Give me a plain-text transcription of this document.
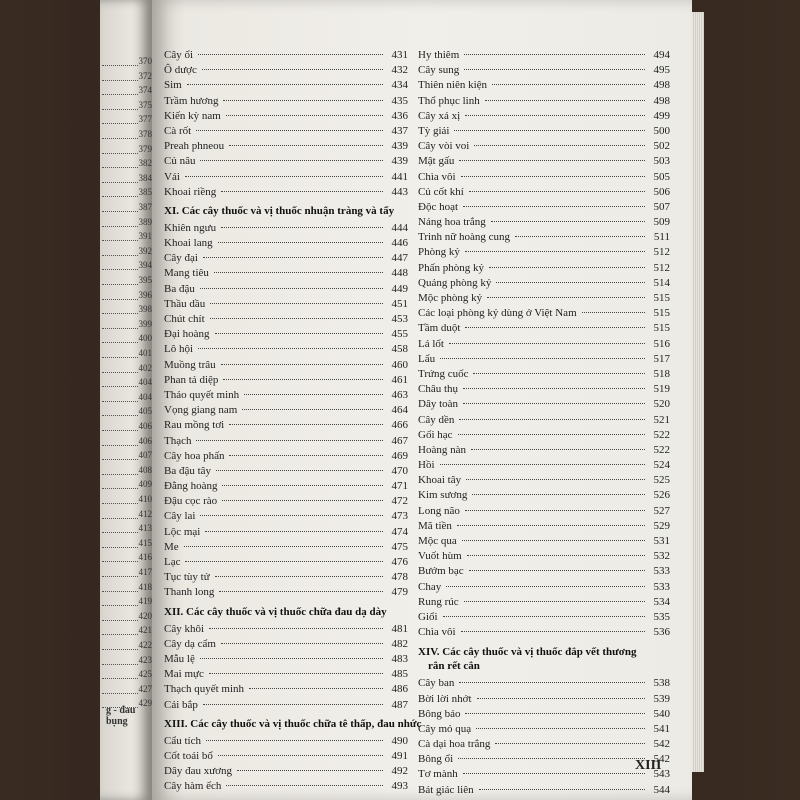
g - đau bụng
370
372
374
375
377
378
379
382
384
385
387
389
391
392
394
395
396
398
399
400
401
402
404
404
405
406
406
407
408
409
410
412
413
415
416
417
418
419
420
421
422
423
425
427
429
Cây ổi	431
Ô dược	432
Sim	434
Trầm hương	435
Kiến kỳ nam	436
Cà rốt	437
Preah phneou	439
Củ nâu	439
Vải	441
Khoai riềng	443
XI. Các cây thuốc và vị thuốc nhuận tràng và tẩy
Khiên ngưu	444
Khoai lang	446
Cây đại	447
Mang tiêu	448
Ba đậu	449
Thầu dầu	451
Chút chít	453
Đại hoàng	455
Lô hội	458
Muồng trâu	460
Phan tả diệp	461
Thảo quyết minh	463
Vọng giang nam	464
Rau mồng tơi	466
Thạch	467
Cây hoa phấn	469
Ba đậu tây	470
Đằng hoàng	471
Đậu cọc rào	472
Cây lai	473
Lộc mại	474
Me	475
Lạc	476
Tục tùy tử	478
Thanh long	479
XII. Các cây thuốc và vị thuốc chữa đau dạ dày
Cây khôi	481
Cây dạ cẩm	482
Mẫu lệ	483
Mai mực	485
Thạch quyết minh	486
Cải bắp	487
XIII. Các cây thuốc và vị thuốc chữa tê thấp, đau nhức
Cẩu tích	490
Cốt toái bổ	491
Dây đau xương	492
Cây hàm ếch	493
Hy thiêm	494
Cây sung	495
Thiên niên kiện	498
Thổ phục linh	498
Cây xá xị	499
Tỳ giải	500
Cây vòi voi	502
Mật gấu	503
Chìa vôi	505
Củ cốt khí	506
Độc hoạt	507
Náng hoa trắng	509
Trinh nữ hoàng cung	511
Phòng kỷ	512
Phấn phòng kỷ	512
Quảng phòng kỷ	514
Mộc phòng kỷ	515
Các loại phòng kỷ dùng ở Việt Nam	515
Tầm duột	515
Lá lốt	516
Lẩu	517
Trứng cuốc	518
Châu thụ	519
Dây toàn	520
Cây dền	521
Gối hạc	522
Hoàng nàn	522
Hồi	524
Khoai tây	525
Kim sương	526
Long não	527
Mã tiền	529
Mộc qua	531
Vuốt hùm	532
Bướm bạc	533
Chay	533
Rung rúc	534
Giổi	535
Chìa vôi	536
XIV. Các cây thuốc và vị thuốc đắp vết thương
rắn rết cắn
Cây ban	538
Bời lời nhớt	539
Bông báo	540
Cây mỏ quạ	541
Cà dại hoa trắng	542
Bông ổi	542
Tơ mành	543
Bát giác liên	544
XIII
